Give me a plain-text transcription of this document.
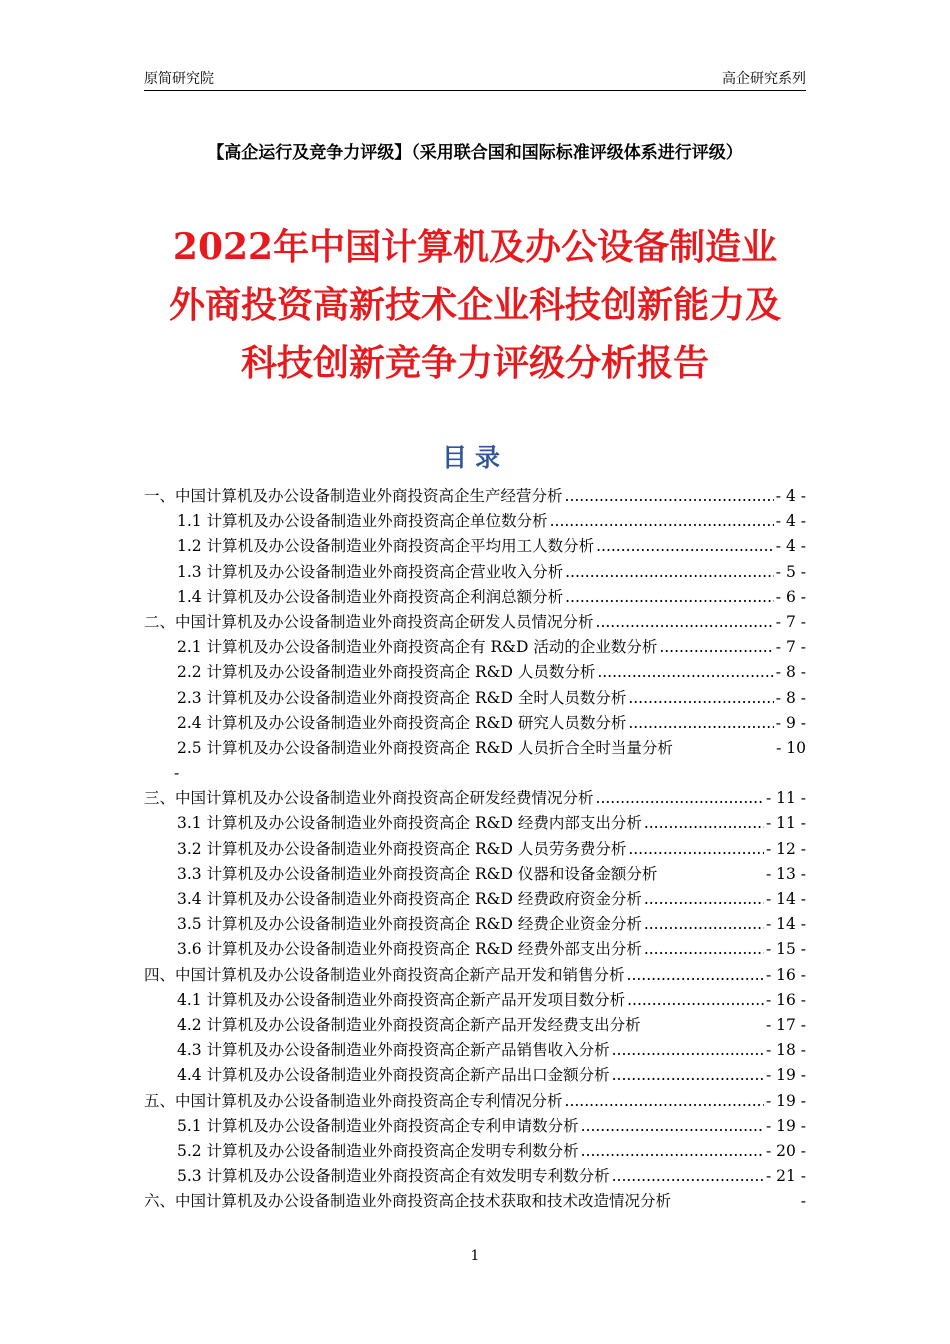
原简研究院	高企研究系列
【高企运行及竞争力评级】（采用联合国和国际标准评级体系进行评级）
2022年中国计算机及办公设备制造业
外商投资高新技术企业科技创新能力及
科技创新竞争力评级分析报告
目录
一、中国计算机及办公设备制造业外商投资高企生产经营分析 .....	- 4 -
1.1 计算机及办公设备制造业外商投资高企单位数分析 .....	- 4 -
1.2 计算机及办公设备制造业外商投资高企平均用工人数分析 .....	- 4 -
1.3 计算机及办公设备制造业外商投资高企营业收入分析 .....	- 5 -
1.4 计算机及办公设备制造业外商投资高企利润总额分析 .....	- 6 -
二、中国计算机及办公设备制造业外商投资高企研发人员情况分析 .....	- 7 -
2.1 计算机及办公设备制造业外商投资高企有 R&D 活动的企业数分析 .....	- 7 -
2.2 计算机及办公设备制造业外商投资高企 R&D 人员数分析 .....	- 8 -
2.3 计算机及办公设备制造业外商投资高企 R&D 全时人员数分析 .....	- 8 -
2.4 计算机及办公设备制造业外商投资高企 R&D 研究人员数分析 .....	- 9 -
2.5 计算机及办公设备制造业外商投资高企 R&D 人员折合全时当量分析	- 10
-
三、中国计算机及办公设备制造业外商投资高企研发经费情况分析 .....	- 11 -
3.1 计算机及办公设备制造业外商投资高企 R&D 经费内部支出分析 .....	- 11 -
3.2 计算机及办公设备制造业外商投资高企 R&D 人员劳务费分析 .....	- 12 -
3.3 计算机及办公设备制造业外商投资高企 R&D 仪器和设备金额分析	- 13 -
3.4 计算机及办公设备制造业外商投资高企 R&D 经费政府资金分析 .....	- 14 -
3.5 计算机及办公设备制造业外商投资高企 R&D 经费企业资金分析 .....	- 14 -
3.6 计算机及办公设备制造业外商投资高企 R&D 经费外部支出分析 .....	- 15 -
四、中国计算机及办公设备制造业外商投资高企新产品开发和销售分析 .....	- 16 -
4.1 计算机及办公设备制造业外商投资高企新产品开发项目数分析 .....	- 16 -
4.2 计算机及办公设备制造业外商投资高企新产品开发经费支出分析	- 17 -
4.3 计算机及办公设备制造业外商投资高企新产品销售收入分析 .....	- 18 -
4.4 计算机及办公设备制造业外商投资高企新产品出口金额分析 .....	- 19 -
五、中国计算机及办公设备制造业外商投资高企专利情况分析 .....	- 19 -
5.1 计算机及办公设备制造业外商投资高企专利申请数分析 .....	- 19 -
5.2 计算机及办公设备制造业外商投资高企发明专利数分析 .....	- 20 -
5.3 计算机及办公设备制造业外商投资高企有效发明专利数分析 .....	- 21 -
六、中国计算机及办公设备制造业外商投资高企技术获取和技术改造情况分析	-
1
